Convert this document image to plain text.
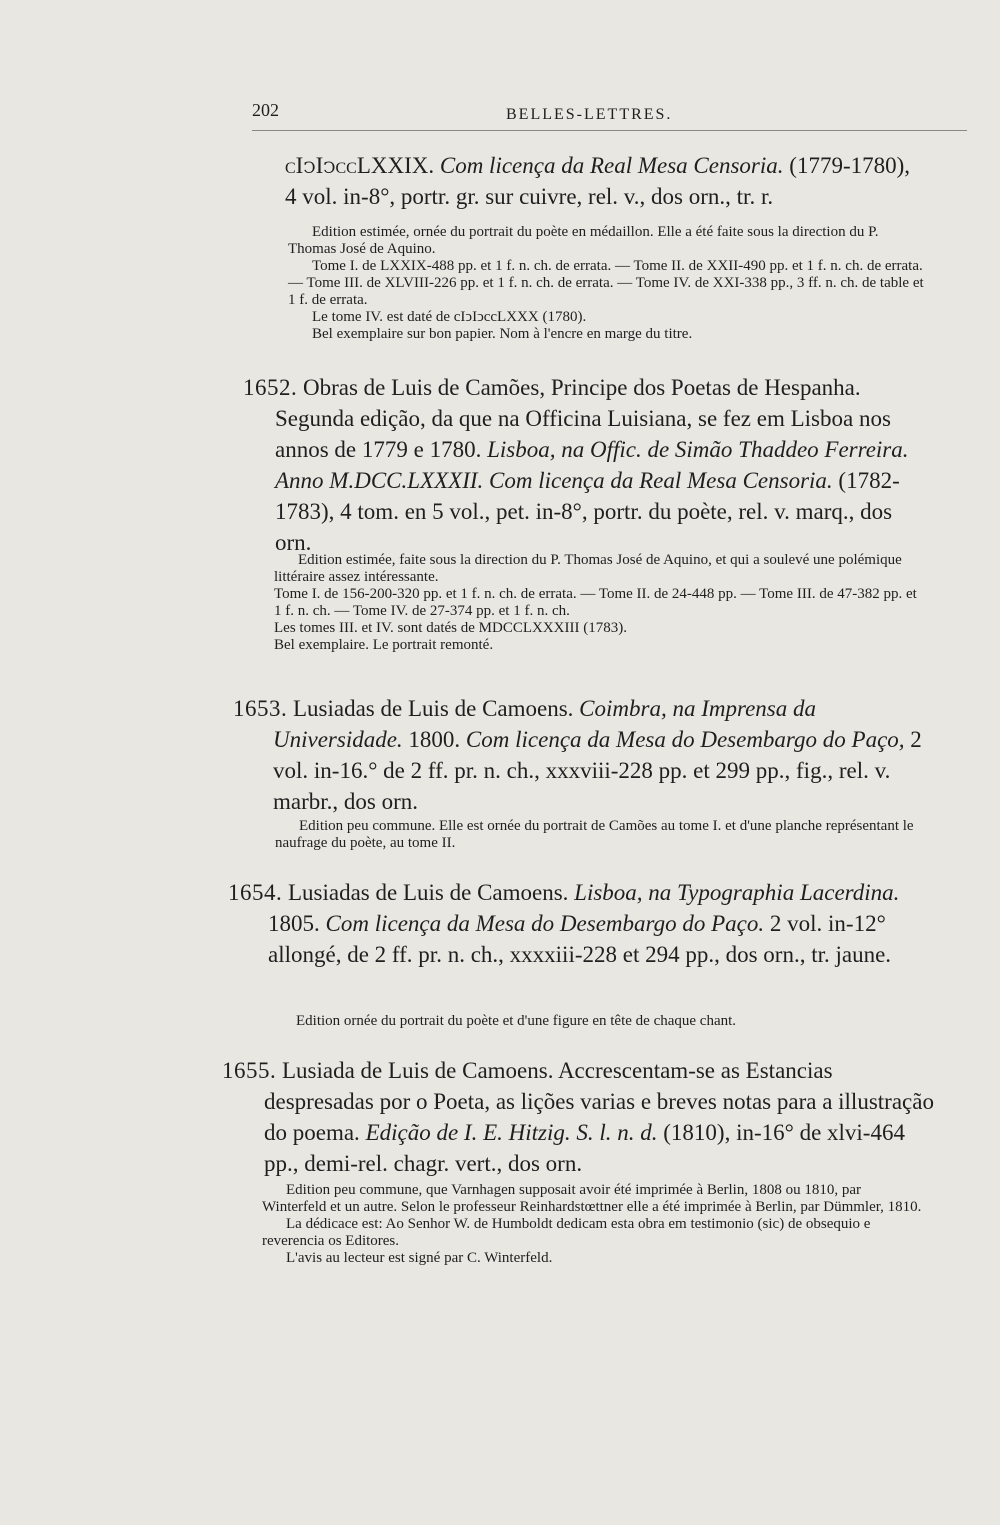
202	BELLES-LETTRES.

cIↄIↄccLXXIX. Com licença da Real Mesa Censoria. (1779-1780), 4 vol. in-8°, portr. gr. sur cuivre, rel. v., dos orn., tr. r.

Edition estimée, ornée du portrait du poète en médaillon. Elle a été faite sous la direction du P. Thomas José de Aquino.

Tome I. de LXXIX-488 pp. et 1 f. n. ch. de errata. — Tome II. de XXII-490 pp. et 1 f. n. ch. de errata. — Tome III. de XLVIII-226 pp. et 1 f. n. ch. de errata. — Tome IV. de XXI-338 pp., 3 ff. n. ch. de table et 1 f. de errata.

Le tome IV. est daté de cIↄIↄccLXXX (1780).

Bel exemplaire sur bon papier. Nom à l'encre en marge du titre.

1652. Obras de Luis de Camões, Principe dos Poetas de Hespanha. Segunda edição, da que na Officina Luisiana, se fez em Lisboa nos annos de 1779 e 1780. Lisboa, na Offic. de Simão Thaddeo Ferreira. Anno M.DCC.LXXXII. Com licença da Real Mesa Censoria. (1782-1783), 4 tom. en 5 vol., pet. in-8°, portr. du poète, rel. v. marq., dos orn.

Edition estimée, faite sous la direction du P. Thomas José de Aquino, et qui a soulevé une polémique littéraire assez intéressante.

Tome I. de 156-200-320 pp. et 1 f. n. ch. de errata. — Tome II. de 24-448 pp. — Tome III. de 47-382 pp. et 1 f. n. ch. — Tome IV. de 27-374 pp. et 1 f. n. ch.

Les tomes III. et IV. sont datés de MDCCLXXXIII (1783).

Bel exemplaire. Le portrait remonté.

1653. Lusiadas de Luis de Camoens. Coimbra, na Imprensa da Universidade. 1800. Com licença da Mesa do Desembargo do Paço, 2 vol. in-16.° de 2 ff. pr. n. ch., xxxviii-228 pp. et 299 pp., fig., rel. v. marbr., dos orn.

Edition peu commune. Elle est ornée du portrait de Camões au tome I. et d'une planche représentant le naufrage du poète, au tome II.

1654. Lusiadas de Luis de Camoens. Lisboa, na Typographia Lacerdina. 1805. Com licença da Mesa do Desembargo do Paço. 2 vol. in-12° allongé, de 2 ff. pr. n. ch., xxxxiii-228 et 294 pp., dos orn., tr. jaune.

Edition ornée du portrait du poète et d'une figure en tête de chaque chant.

1655. Lusiada de Luis de Camoens. Accrescentam-se as Estancias despresadas por o Poeta, as lições varias e breves notas para a illustração do poema. Edição de I. E. Hitzig. S. l. n. d. (1810), in-16° de xlvi-464 pp., demi-rel. chagr. vert., dos orn.

Edition peu commune, que Varnhagen supposait avoir été imprimée à Berlin, 1808 ou 1810, par Winterfeld et un autre. Selon le professeur Reinhardstœttner elle a été imprimée à Berlin, par Dümmler, 1810.

La dédicace est: Ao Senhor W. de Humboldt dedicam esta obra em testimonio (sic) de obsequio e reverencia os Editores.

L'avis au lecteur est signé par C. Winterfeld.
